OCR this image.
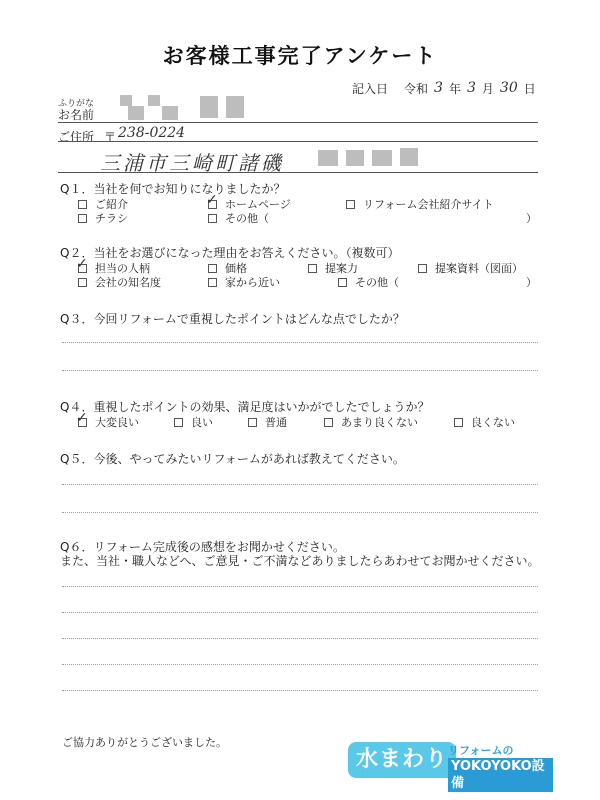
お客様工事完了アンケート
記入日 令和 3 年 3 月 30 日
ふりがな
お名前
ご住所 〒 238-0224
三浦市三崎町諸磯
Q１．当社を何でお知りになりましたか？
ご紹介	✓ ホームページ	リフォーム会社紹介サイト
チラシ	その他（	）
Q２．当社をお選びになった理由をお答えください。（複数可）
✓ 担当の人柄	価格	提案力	提案資料（図面）
会社の知名度	家から近い	その他（	）
Q３．今回リフォームで重視したポイントはどんな点でしたか？
Q４．重視したポイントの効果、満足度はいかがでしたでしょうか？
✓ 大変良い	良い	普通	あまり良くない	良くない
Q５．今後、やってみたいリフォームがあれば教えてください。
Q６．リフォーム完成後の感想をお聞かせください。
また、当社・職人などへ、ご意見・ご不満などありましたらあわせてお聞かせください。
ご協力ありがとうございました。
水まわり リフォームの
YOKOYOKO設備
